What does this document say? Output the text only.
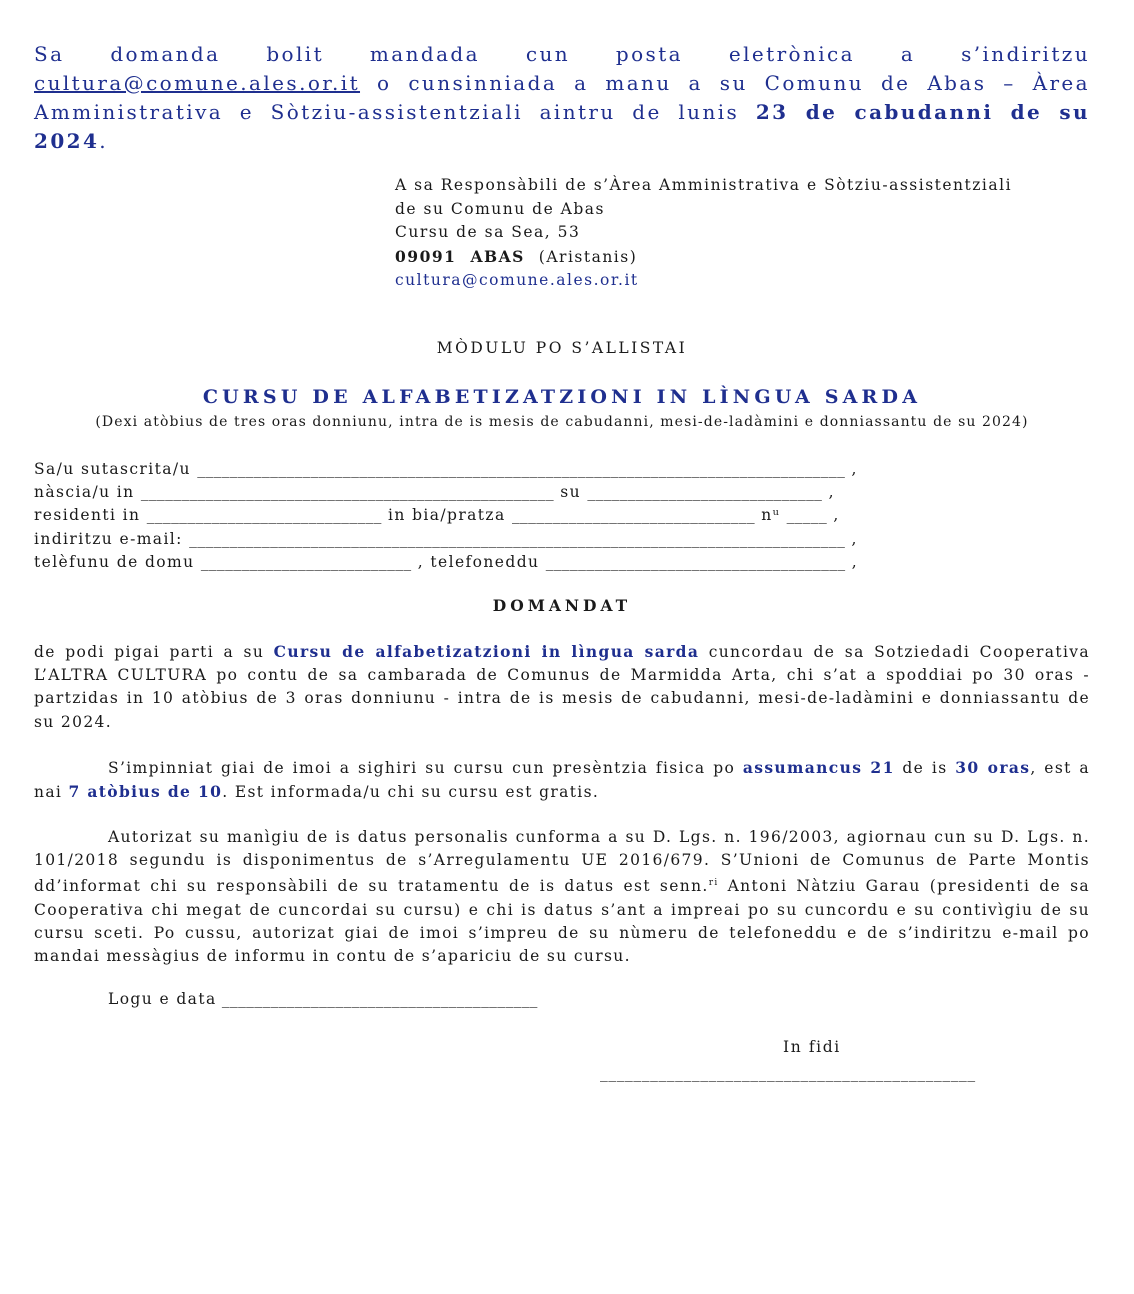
Sa domanda bolit mandada cun posta eletrònica a s’indiritzu cultura@comune.ales.or.it o cunsinniada a manu a su Comunu de Abas – Àrea Amministrativa e Sòtziu-assistentziali aintru de lunis 23 de cabudanni de su 2024.

A sa Responsàbili de s’Àrea Amministrativa e Sòtziu-assistentziali
de su Comunu de Abas
Cursu de sa Sea, 53
09091 ABAS (Aristanis)
cultura@comune.ales.or.it
MÒDULU PO S’ALLISTAI
CURSU DE ALFABETIZATZIONI IN LÌNGUA SARDA
(Dexi atòbius de tres oras donniunu, intra de is mesis de cabudanni, mesi-de-ladàmini e donniassantu de su 2024)
Sa/u sutascrita/u ________________________________________________________________________________ ,
nàscia/u in ___________________________________________________ su _____________________________ ,
residenti in _____________________________ in bia/pratza ______________________________ nᵘ _____ ,
indiritzu e-mail: _________________________________________________________________________________ ,
telèfunu de domu __________________________ , telefoneddu _____________________________________ ,
DOMANDAT

de podi pigai parti a su Cursu de alfabetizatzioni in lìngua sarda cuncordau de sa Sotziedadi Cooperativa L’ALTRA CULTURA po contu de sa cambarada de Comunus de Marmidda Arta, chi s’at a spoddiai po 30 oras - partzidas in 10 atòbius de 3 oras donniunu - intra de is mesis de cabudanni, mesi-de-ladàmini e donniassantu de su 2024.

S’impinniat giai de imoi a sighiri su cursu cun presèntzia fisica po assumancus 21 de is 30 oras, est a nai 7 atòbius de 10. Est informada/u chi su cursu est gratis.

Autorizat su manìgiu de is datus personalis cunforma a su D. Lgs. n. 196/2003, agiornau cun su D. Lgs. n. 101/2018 segundu is disponimentus de s’Arregulamentu UE 2016/679. S’Unioni de Comunus de Parte Montis dd’informat chi su responsàbili de su tratamentu de is datus est senn.$^{ri}$ Antoni Nàtziu Garau (presidenti de sa Cooperativa chi megat de cuncordai su cursu) e chi is datus s’ant a impreai po su cuncordu e su contivìgiu de su cursu sceti. Po cussu, autorizat giai de imoi s’impreu de su nùmeru de telefoneddu e de s’indiritzu e-mail po mandai messàgius de informu in contu de s’apariciu de su cursu.

Logu e data _______________________________________
In fidi
_____________________________________________
